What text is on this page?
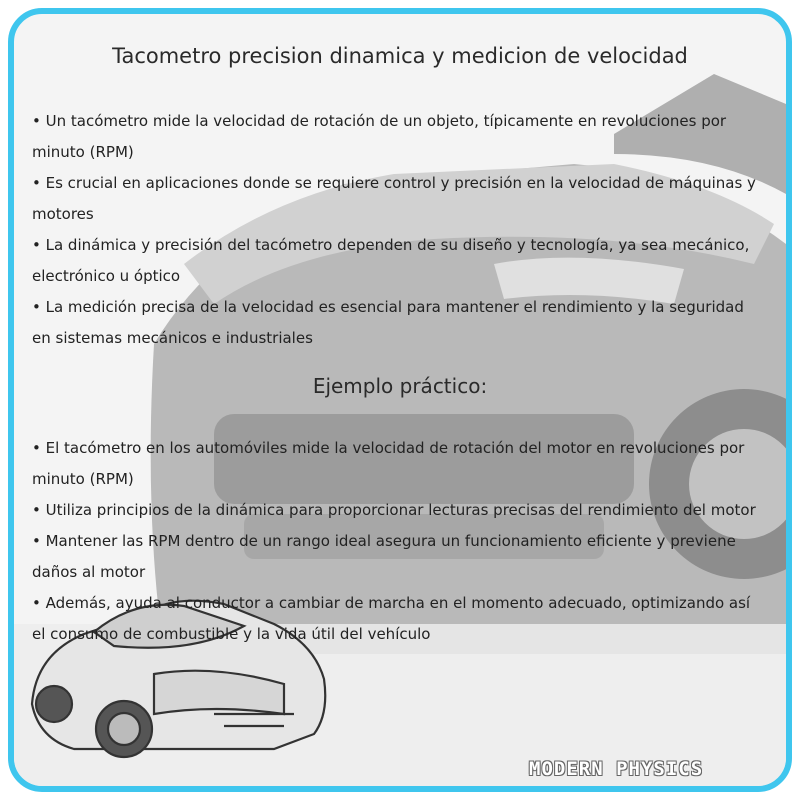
Tacometro precision dinamica y medicion de velocidad
• Un tacómetro mide la velocidad de rotación de un objeto, típicamente en revoluciones por minuto (RPM)
• Es crucial en aplicaciones donde se requiere control y precisión en la velocidad de máquinas y motores
• La dinámica y precisión del tacómetro dependen de su diseño y tecnología, ya sea mecánico, electrónico u óptico
• La medición precisa de la velocidad es esencial para mantener el rendimiento y la seguridad en sistemas mecánicos e industriales
Ejemplo práctico:
• El tacómetro en los automóviles mide la velocidad de rotación del motor en revoluciones por minuto (RPM)
• Utiliza principios de la dinámica para proporcionar lecturas precisas del rendimiento del motor
• Mantener las RPM dentro de un rango ideal asegura un funcionamiento eficiente y previene daños al motor
• Además, ayuda al conductor a cambiar de marcha en el momento adecuado, optimizando así el consumo de combustible y la vida útil del vehículo
MODERN PHYSICS
